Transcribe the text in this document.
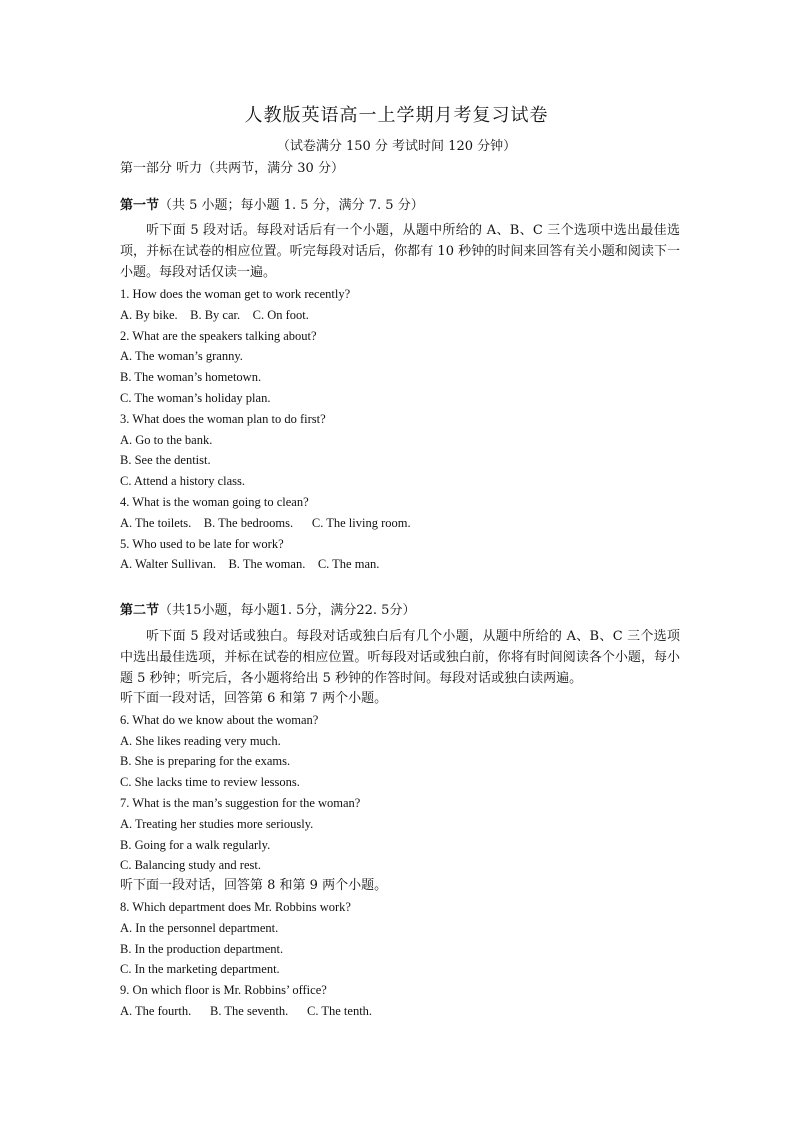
人教版英语高一上学期月考复习试卷
（试卷满分 150 分 考试时间 120 分钟）
第一部分 听力（共两节，满分 30 分）
第一节（共 5 小题；每小题 1. 5 分，满分 7. 5 分）
听下面 5 段对话。每段对话后有一个小题，从题中所给的 A、B、C 三个选项中选出最佳选项，并标在试卷的相应位置。听完每段对话后，你都有 10 秒钟的时间来回答有关小题和阅读下一小题。每段对话仅读一遍。
1. How does the woman get to work recently?
A. By bike.    B. By car.    C. On foot.
2. What are the speakers talking about?
A. The woman’s granny.
B. The woman’s hometown.
C. The woman’s holiday plan.
3. What does the woman plan to do first?
A. Go to the bank.
B. See the dentist.
C. Attend a history class.
4. What is the woman going to clean?
A. The toilets.    B. The bedrooms.      C. The living room.
5. Who used to be late for work?
A. Walter Sullivan.    B. The woman.    C. The man.
第二节（共15小题，每小题1. 5分，满分22. 5分）
听下面 5 段对话或独白。每段对话或独白后有几个小题，从题中所给的 A、B、C 三个选项中选出最佳选项，并标在试卷的相应位置。听每段对话或独白前，你将有时间阅读各个小题，每小题 5 秒钟；听完后，各小题将给出 5 秒钟的作答时间。每段对话或独白读两遍。
听下面一段对话，回答第 6 和第 7 两个小题。
6. What do we know about the woman?
A. She likes reading very much.
B. She is preparing for the exams.
C. She lacks time to review lessons.
7. What is the man’s suggestion for the woman?
A. Treating her studies more seriously.
B. Going for a walk regularly.
C. Balancing study and rest.
听下面一段对话，回答第 8 和第 9 两个小题。
8. Which department does Mr. Robbins work?
A. In the personnel department.
B. In the production department.
C. In the marketing department.
9. On which floor is Mr. Robbins’ office?
A. The fourth.      B. The seventh.      C. The tenth.
